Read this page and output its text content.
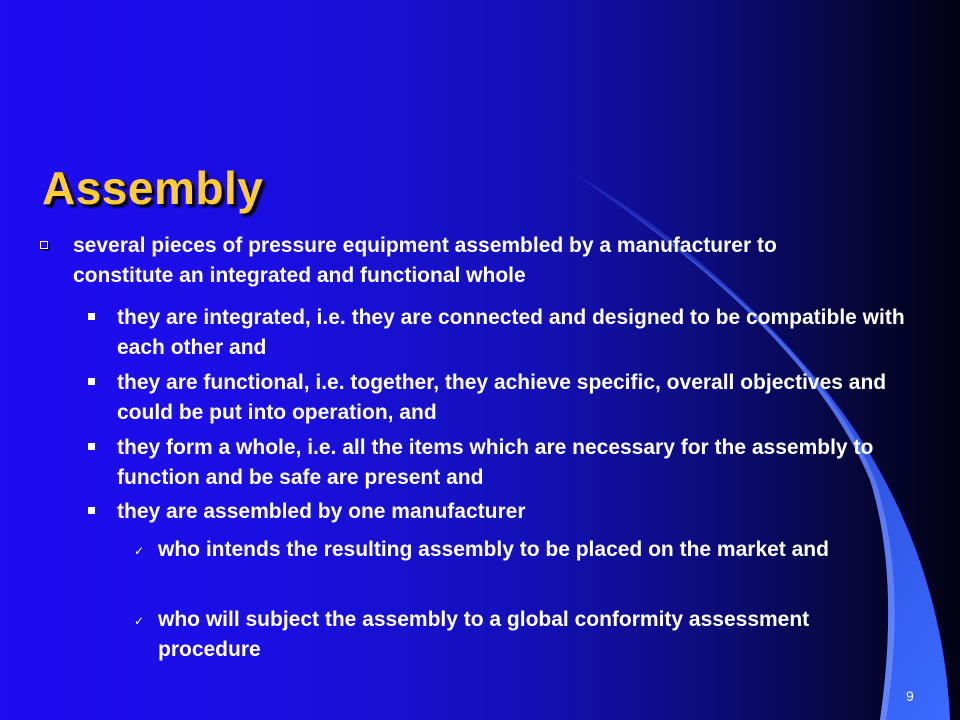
Assembly
several pieces of pressure equipment assembled by a manufacturer to constitute an integrated and functional whole
they are integrated, i.e. they are connected and designed to be compatible with each other and
they are functional, i.e. together, they achieve specific, overall objectives and could be put into operation, and
they form a whole, i.e. all the items which are necessary for the assembly to function and be safe are present and
they are assembled by one manufacturer
✓ who intends the resulting assembly to be placed on the market and
✓ who will subject the assembly to a global conformity assessment procedure
9
